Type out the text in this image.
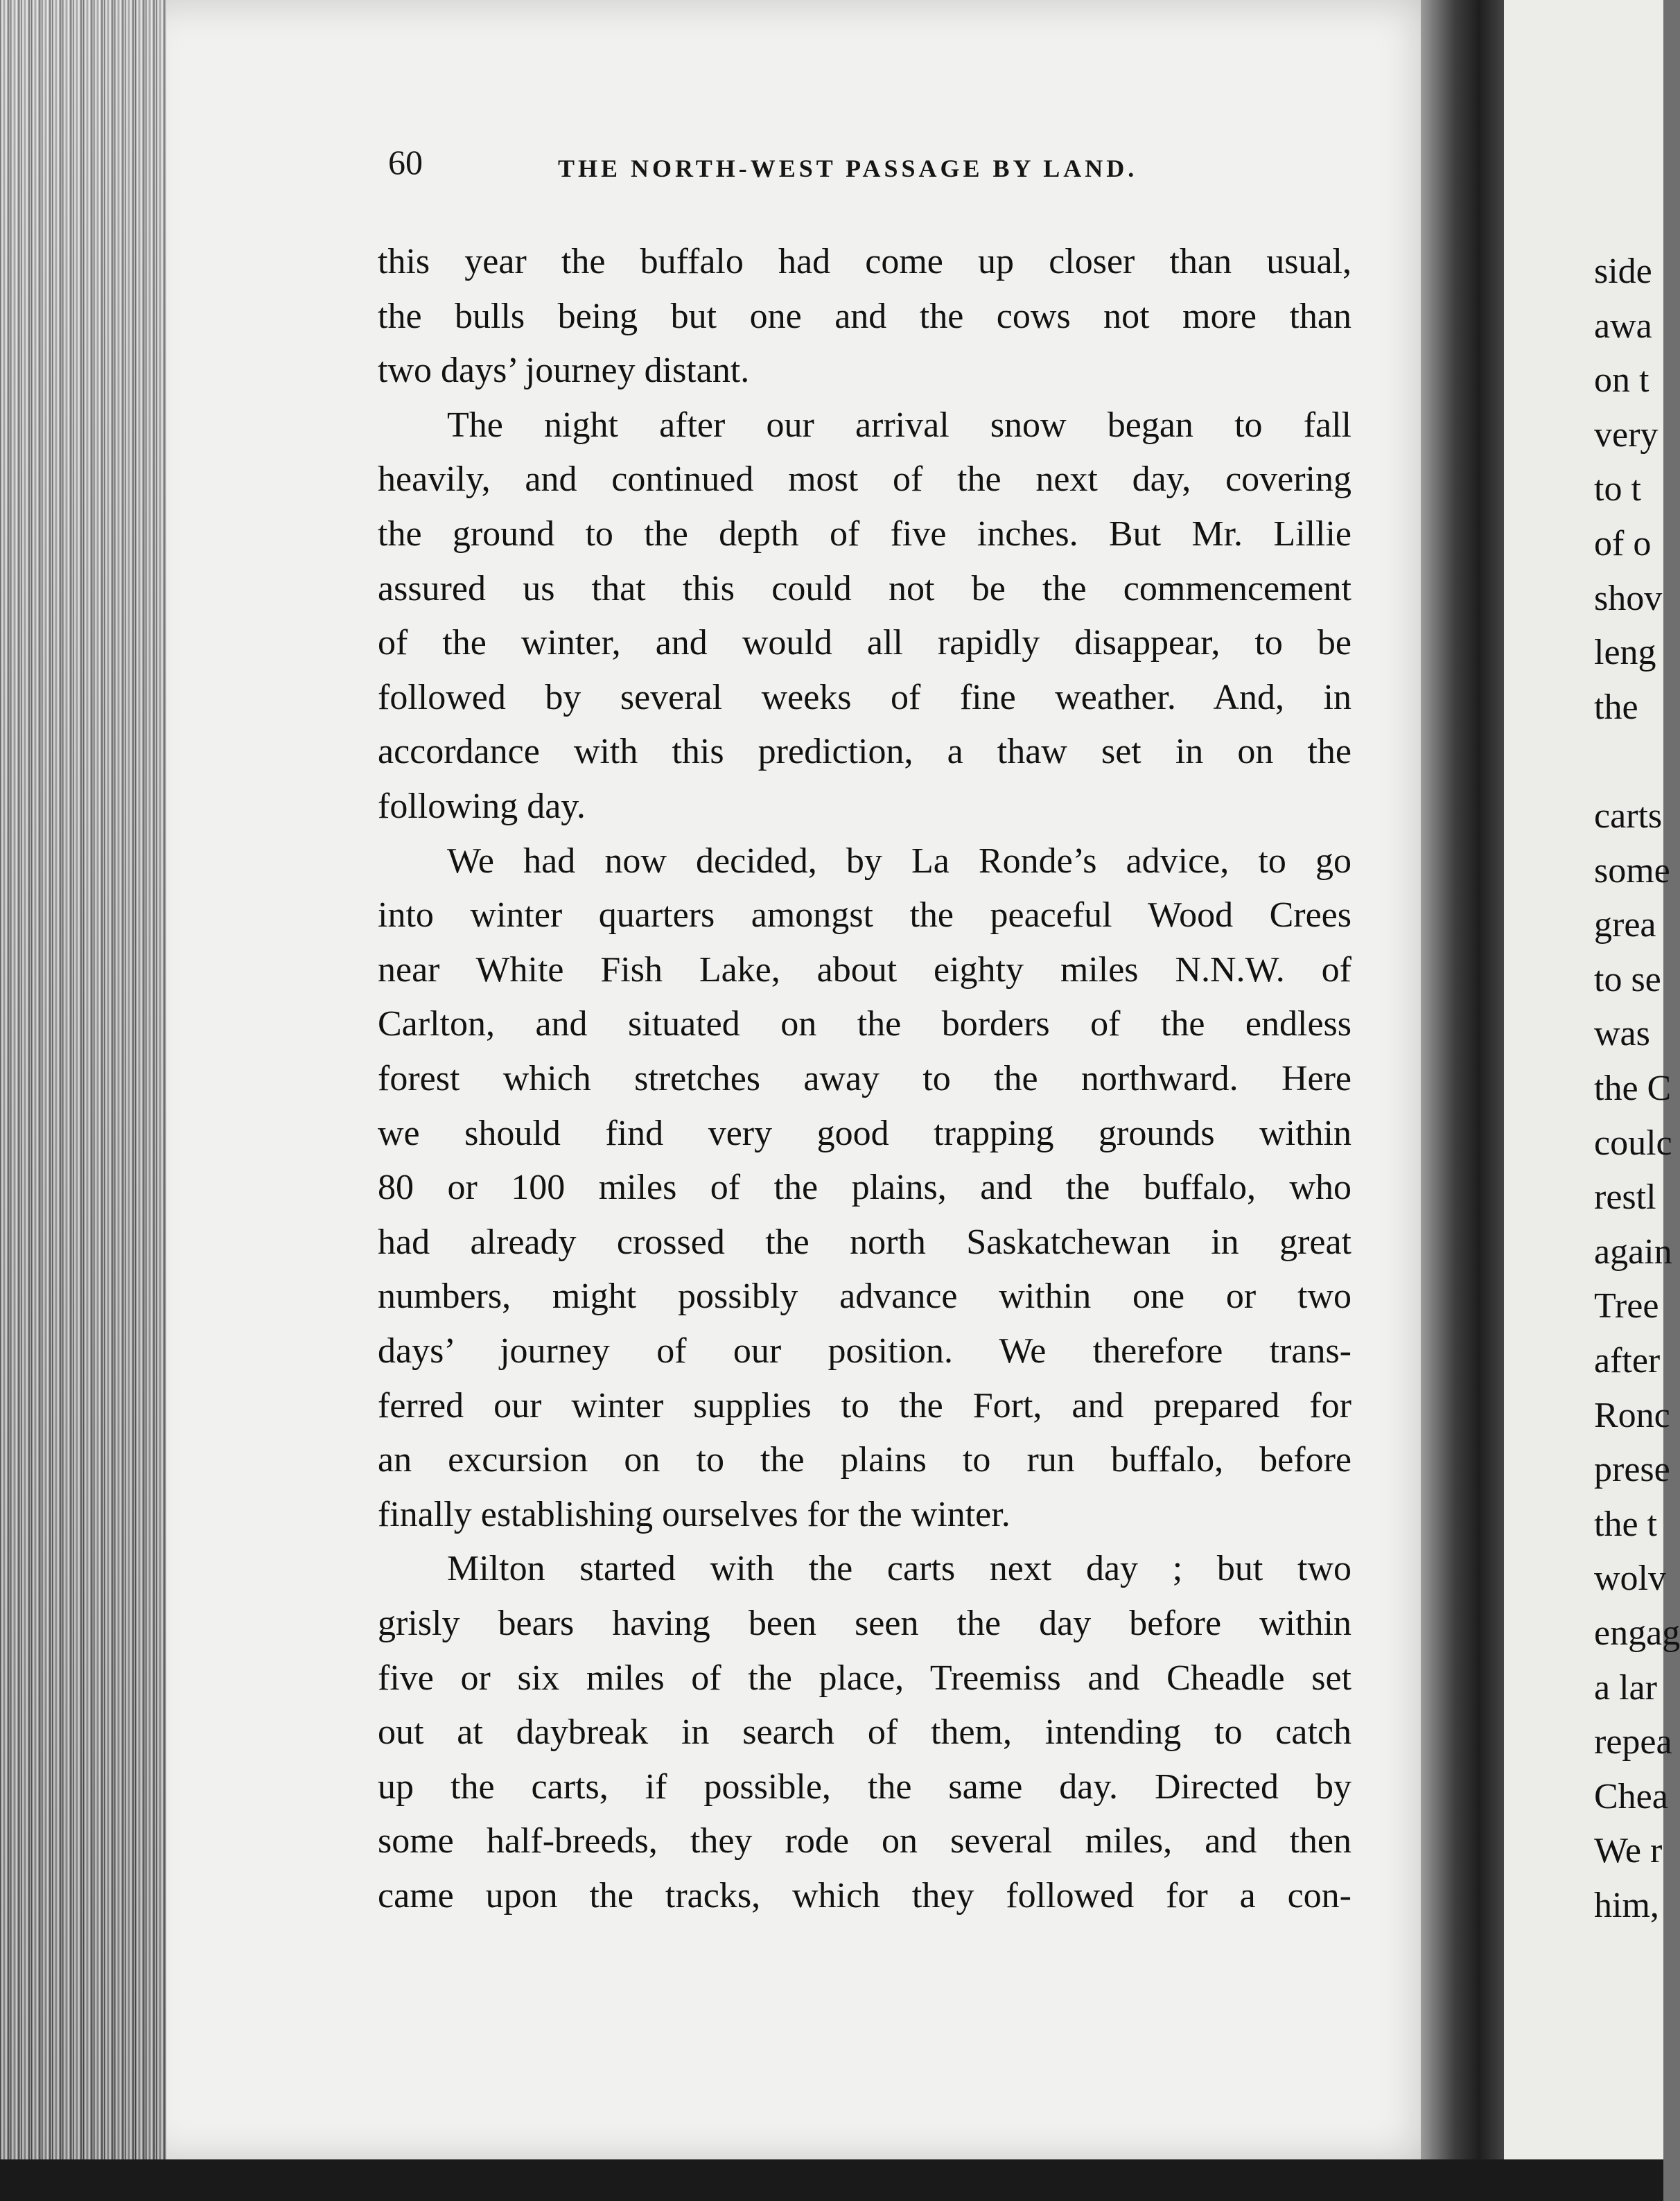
60	THE NORTH-WEST PASSAGE BY LAND.
this year the buffalo had come up closer than usual,
the bulls being but one and the cows not more than
two days’ journey distant.
The night after our arrival snow began to fall
heavily, and continued most of the next day, covering
the ground to the depth of five inches. But Mr. Lillie
assured us that this could not be the commencement
of the winter, and would all rapidly disappear, to be
followed by several weeks of fine weather. And, in
accordance with this prediction, a thaw set in on the
following day.
We had now decided, by La Ronde’s advice, to go
into winter quarters amongst the peaceful Wood Crees
near White Fish Lake, about eighty miles N.N.W. of
Carlton, and situated on the borders of the endless
forest which stretches away to the northward. Here
we should find very good trapping grounds within
80 or 100 miles of the plains, and the buffalo, who
had already crossed the north Saskatchewan in great
numbers, might possibly advance within one or two
days’ journey of our position. We therefore trans-
ferred our winter supplies to the Fort, and prepared for
an excursion on to the plains to run buffalo, before
finally establishing ourselves for the winter.
Milton started with the carts next day ; but two
grisly bears having been seen the day before within
five or six miles of the place, Treemiss and Cheadle set
out at daybreak in search of them, intending to catch
up the carts, if possible, the same day. Directed by
some half-breeds, they rode on several miles, and then
came upon the tracks, which they followed for a con-
side
awa
on t
very
to t
of o
shov
leng
the
carts
some
grea
to se
was
the C
coulc
restl
again
Tree
after
Ronc
prese
the t
wolv
engag
a lar
repea
Chea
We r
him,
